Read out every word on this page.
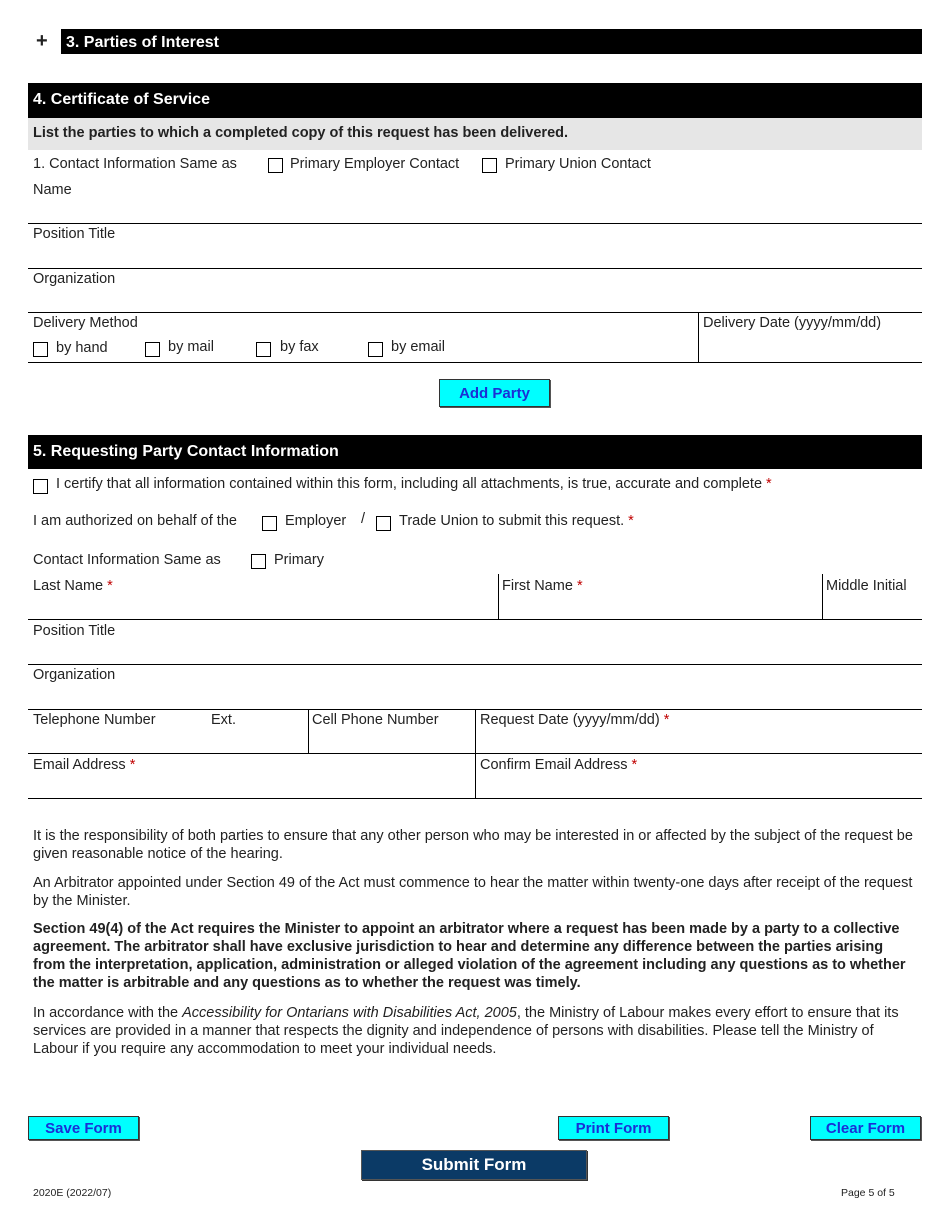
+	3. Parties of Interest
4. Certificate of Service
List the parties to which a completed copy of this request has been delivered.
1. Contact Information Same as	Primary Employer Contact	Primary Union Contact
Name
Position Title
Organization
Delivery Method
by hand	by mail	by fax	by email
Delivery Date (yyyy/mm/dd)
Add Party
5. Requesting Party Contact Information
I certify that all information contained within this form, including all attachments, is true, accurate and complete *
I am authorized on behalf of the	Employer / Trade Union to submit this request. *
Contact Information Same as	Primary
Last Name *	First Name *	Middle Initial
Position Title
Organization
Telephone Number	Ext.	Cell Phone Number	Request Date (yyyy/mm/dd) *
Email Address *	Confirm Email Address *
It is the responsibility of both parties to ensure that any other person who may be interested in or affected by the subject of the request be given reasonable notice of the hearing.
An Arbitrator appointed under Section 49 of the Act must commence to hear the matter within twenty-one days after receipt of the request by the Minister.
Section 49(4) of the Act requires the Minister to appoint an arbitrator where a request has been made by a party to a collective agreement. The arbitrator shall have exclusive jurisdiction to hear and determine any difference between the parties arising from the interpretation, application, administration or alleged violation of the agreement including any questions as to whether the matter is arbitrable and any questions as to whether the request was timely.
In accordance with the Accessibility for Ontarians with Disabilities Act, 2005, the Ministry of Labour makes every effort to ensure that its services are provided in a manner that respects the dignity and independence of persons with disabilities. Please tell the Ministry of Labour if you require any accommodation to meet your individual needs.
Save Form	Print Form	Clear Form
Submit Form
2020E (2022/07)	Page 5 of 5
